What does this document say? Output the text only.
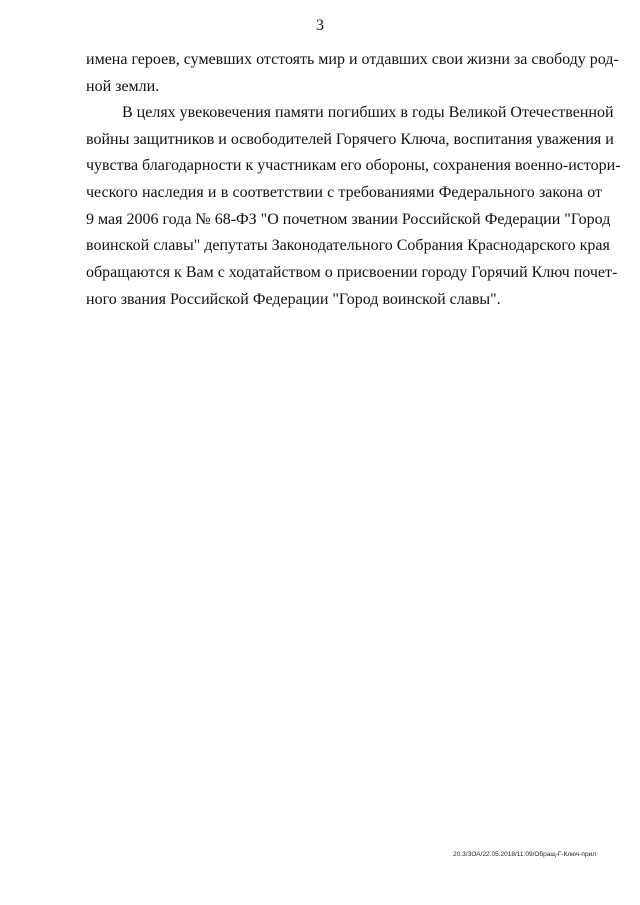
3
имена героев, сумевших отстоять мир и отдавших свои жизни за свободу род-
ной земли.
В целях увековечения памяти погибших в годы Великой Отечественной
войны защитников и освободителей Горячего Ключа, воспитания уважения и
чувства благодарности к участникам его обороны, сохранения военно-истори-
ческого наследия и в соответствии с требованиями Федерального закона от
9 мая 2006 года № 68-ФЗ "О почетном звании Российской Федерации "Город
воинской славы" депутаты Законодательного Собрания Краснодарского края
обращаются к Вам с ходатайством о присвоении городу Горячий Ключ почет-
ного звания Российской Федерации "Город воинской славы".
20.3/ЗОА/22.05.2018/11:09/Обращ-Г-Ключ-прил
